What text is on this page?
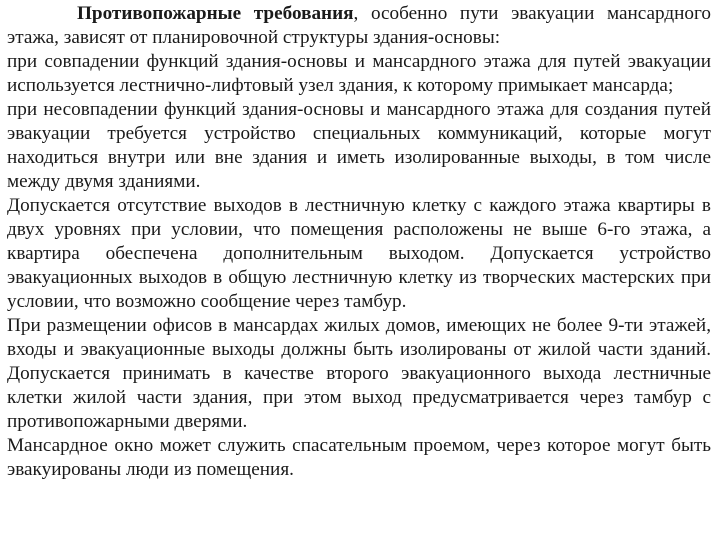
Противопожарные требования, особенно пути эвакуации мансардного этажа, зависят от планировочной структуры здания-основы:

при совпадении функций здания-основы и мансардного этажа для путей эвакуации используется лестнично-лифтовый узел здания, к которому примыкает мансарда;

при несовпадении функций здания-основы и мансардного этажа для создания путей эвакуации требуется устройство специальных коммуникаций, которые могут находиться внутри или вне здания и иметь изолированные выходы, в том числе между двумя зданиями.

Допускается отсутствие выходов в лестничную клетку с каждого этажа квартиры в двух уровнях при условии, что помещения расположены не выше 6-го этажа, а квартира обеспечена дополнительным выходом. Допускается устройство эвакуационных выходов в общую лестничную клетку из творческих мастерских при условии, что возможно сообщение через тамбур.

При размещении офисов в мансардах жилых домов, имеющих не более 9-ти этажей, входы и эвакуационные выходы должны быть изолированы от жилой части зданий. Допускается принимать в качестве второго эвакуационного выхода лестничные клетки жилой части здания, при этом выход предусматривается через тамбур с противопожарными дверями.

Мансардное окно может служить спасательным проемом, через которое могут быть эвакуированы люди из помещения.
